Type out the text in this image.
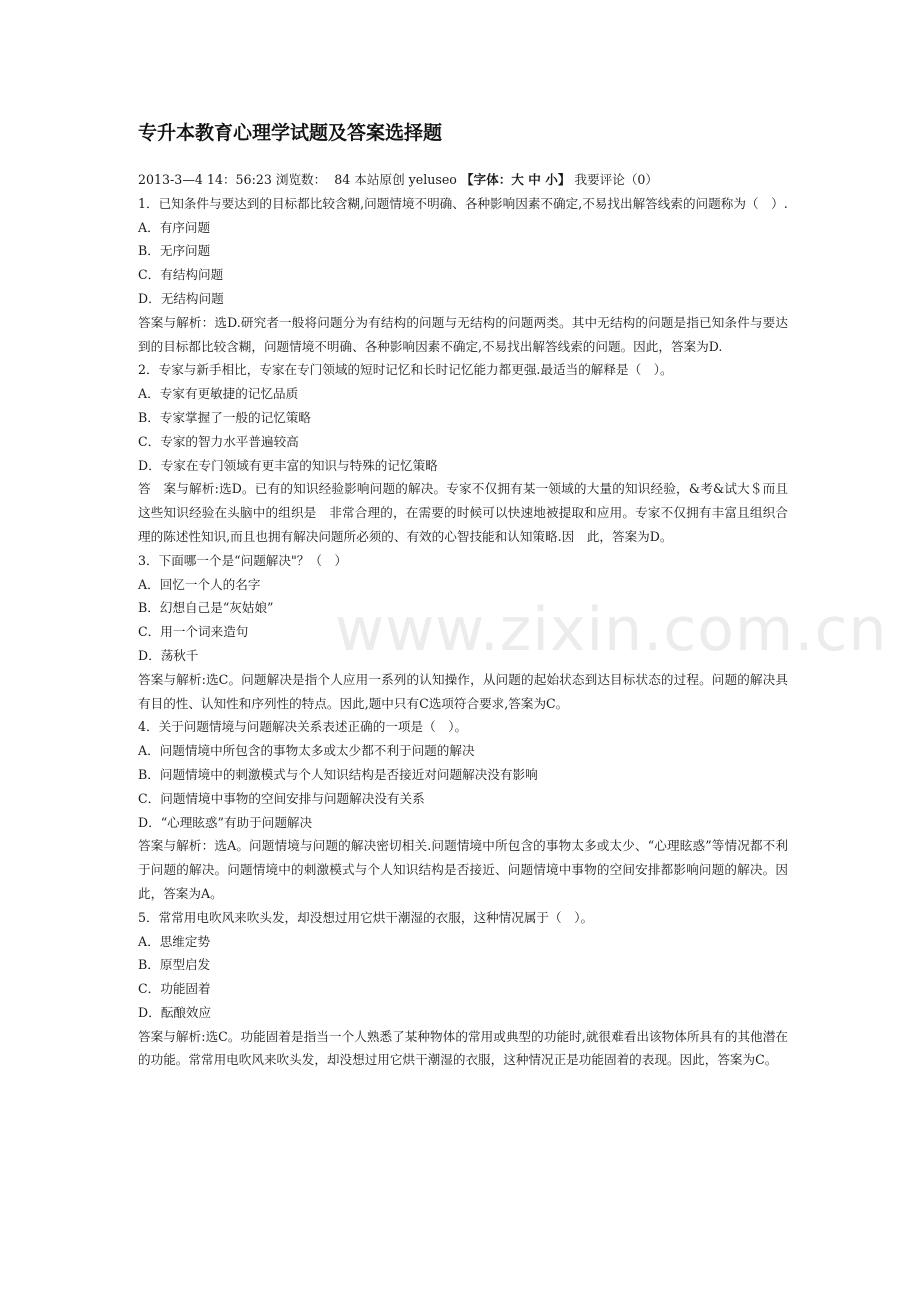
www.zixin.com.cn
专升本教育心理学试题及答案选择题

2013-3—4 14：56:23 浏览数： 84 本站原创 yeluseo 【字体：大 中 小】 我要评论（0）

1．已知条件与要达到的目标都比较含糊,问题情境不明确、各种影响因素不确定,不易找出解答线索的问题称为（　）.

A．有序问题

B．无序问题

C．有结构问题

D．无结构问题

答案与解析：选D.研究者一般将问题分为有结构的问题与无结构的问题两类。其中无结构的问题是指已知条件与要达到的目标都比较含糊，问题情境不明确、各种影响因素不确定,不易找出解答线索的问题。因此，答案为D.

2．专家与新手相比，专家在专门领域的短时记忆和长时记忆能力都更强.最适当的解释是（　）。

A．专家有更敏捷的记忆品质

B．专家掌握了一般的记忆策略

C．专家的智力水平普遍较高

D．专家在专门领域有更丰富的知识与特殊的记忆策略

答　案与解析:选D。已有的知识经验影响问题的解决。专家不仅拥有某一领域的大量的知识经验，&考&试大＄而且这些知识经验在头脑中的组织是　非常合理的，在需要的时候可以快速地被提取和应用。专家不仅拥有丰富且组织合理的陈述性知识,而且也拥有解决问题所必须的、有效的心智技能和认知策略.因　此，答案为D。

3．下面哪一个是“问题解决"？（　）

A．回忆一个人的名字

B．幻想自己是“灰姑娘”

C．用一个词来造句

D．荡秋千

答案与解析:选C。问题解决是指个人应用一系列的认知操作，从问题的起始状态到达目标状态的过程。问题的解决具有目的性、认知性和序列性的特点。因此,题中只有C选项符合要求,答案为C。

4．关于问题情境与问题解决关系表述正确的一项是（　）。

A．问题情境中所包含的事物太多或太少都不利于问题的解决

B．问题情境中的刺激模式与个人知识结构是否接近对问题解决没有影响

C．问题情境中事物的空间安排与问题解决没有关系

D．“心理眩惑”有助于问题解决

答案与解析：选A。问题情境与问题的解决密切相关.问题情境中所包含的事物太多或太少、“心理眩惑”等情况都不利于问题的解决。问题情境中的刺激模式与个人知识结构是否接近、问题情境中事物的空间安排都影响问题的解决。因此，答案为A。

5．常常用电吹风来吹头发，却没想过用它烘干潮湿的衣服，这种情况属于（　）。

A．思维定势

B．原型启发

C．功能固着

D．酝酿效应

答案与解析:选C。功能固着是指当一个人熟悉了某种物体的常用或典型的功能时,就很难看出该物体所具有的其他潜在的功能。常常用电吹风来吹头发，却没想过用它烘干潮湿的衣服，这种情况正是功能固着的表现。因此，答案为C。
